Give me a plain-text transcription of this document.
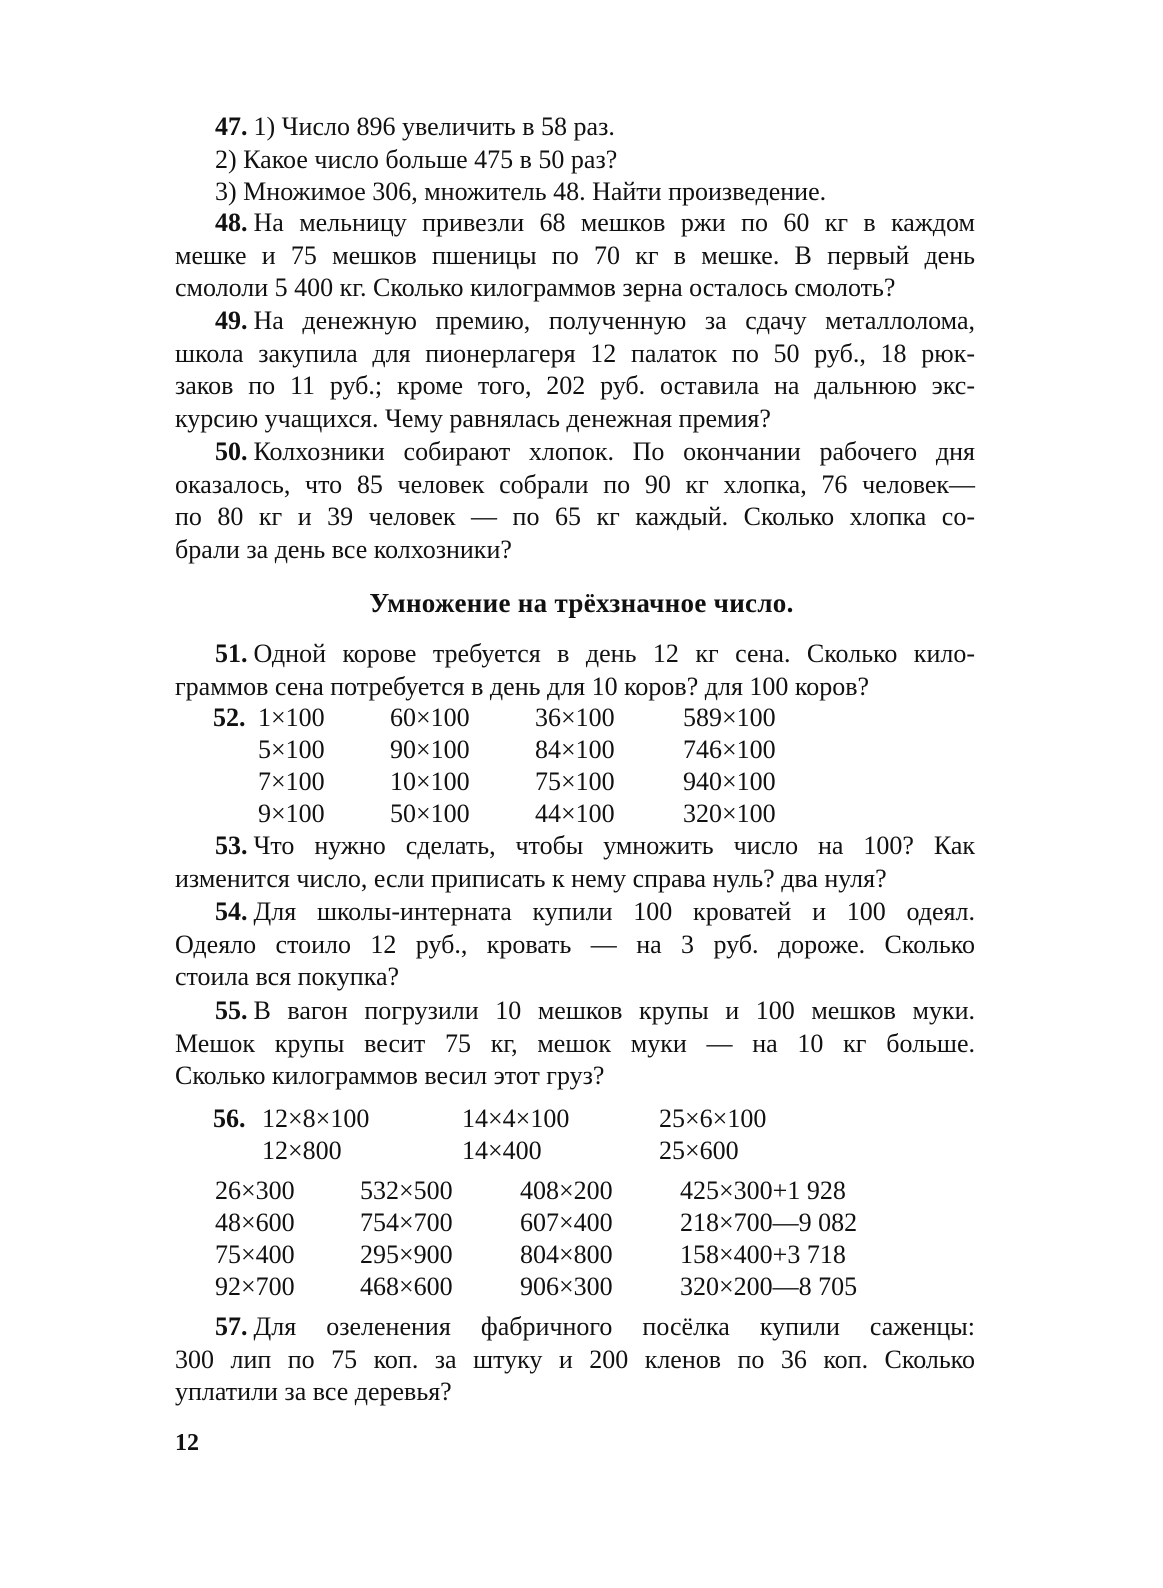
47. 1) Число 896 увеличить в 58 раз.
2) Какое число больше 475 в 50 раз?
3) Множимое 306, множитель 48. Найти произведение.
48. На мельницу привезли 68 мешков ржи по 60 кг в каждом
мешке и 75 мешков пшеницы по 70 кг в мешке. В первый день
смололи 5 400 кг. Сколько килограммов зерна осталось смолоть?
49. На денежную премию, полученную за сдачу металлолома,
школа закупила для пионерлагеря 12 палаток по 50 руб., 18 рюк-
заков по 11 руб.; кроме того, 202 руб. оставила на дальнюю экс-
курсию учащихся. Чему равнялась денежная премия?
50. Колхозники собирают хлопок. По окончании рабочего дня
оказалось, что 85 человек собрали по 90 кг хлопка, 76 человек—
по 80 кг и 39 человек — по 65 кг каждый. Сколько хлопка со-
брали за день все колхозники?
Умножение на трёхзначное число.
51. Одной корове требуется в день 12 кг сена. Сколько кило-
граммов сена потребуется в день для 10 коров? для 100 коров?
52. 1×100	60×100	36×100	589×100
5×100	90×100	84×100	746×100
7×100	10×100	75×100	940×100
9×100	50×100	44×100	320×100
53. Что нужно сделать, чтобы умножить число на 100? Как
изменится число, если приписать к нему справа нуль? два нуля?
54. Для школы-интерната купили 100 кроватей и 100 одеял.
Одеяло стоило 12 руб., кровать — на 3 руб. дороже. Сколько
стоила вся покупка?
55. В вагон погрузили 10 мешков крупы и 100 мешков муки.
Мешок крупы весит 75 кг, мешок муки — на 10 кг больше.
Сколько килограммов весил этот груз?
56. 12×8×100	14×4×100	25×6×100
12×800	14×400	25×600
26×300	532×500	408×200	425×300+1 928
48×600	754×700	607×400	218×700—9 082
75×400	295×900	804×800	158×400+3 718
92×700	468×600	906×300	320×200—8 705
57. Для озеленения фабричного посёлка купили саженцы:
300 лип по 75 коп. за штуку и 200 кленов по 36 коп. Сколько
уплатили за все деревья?
12
